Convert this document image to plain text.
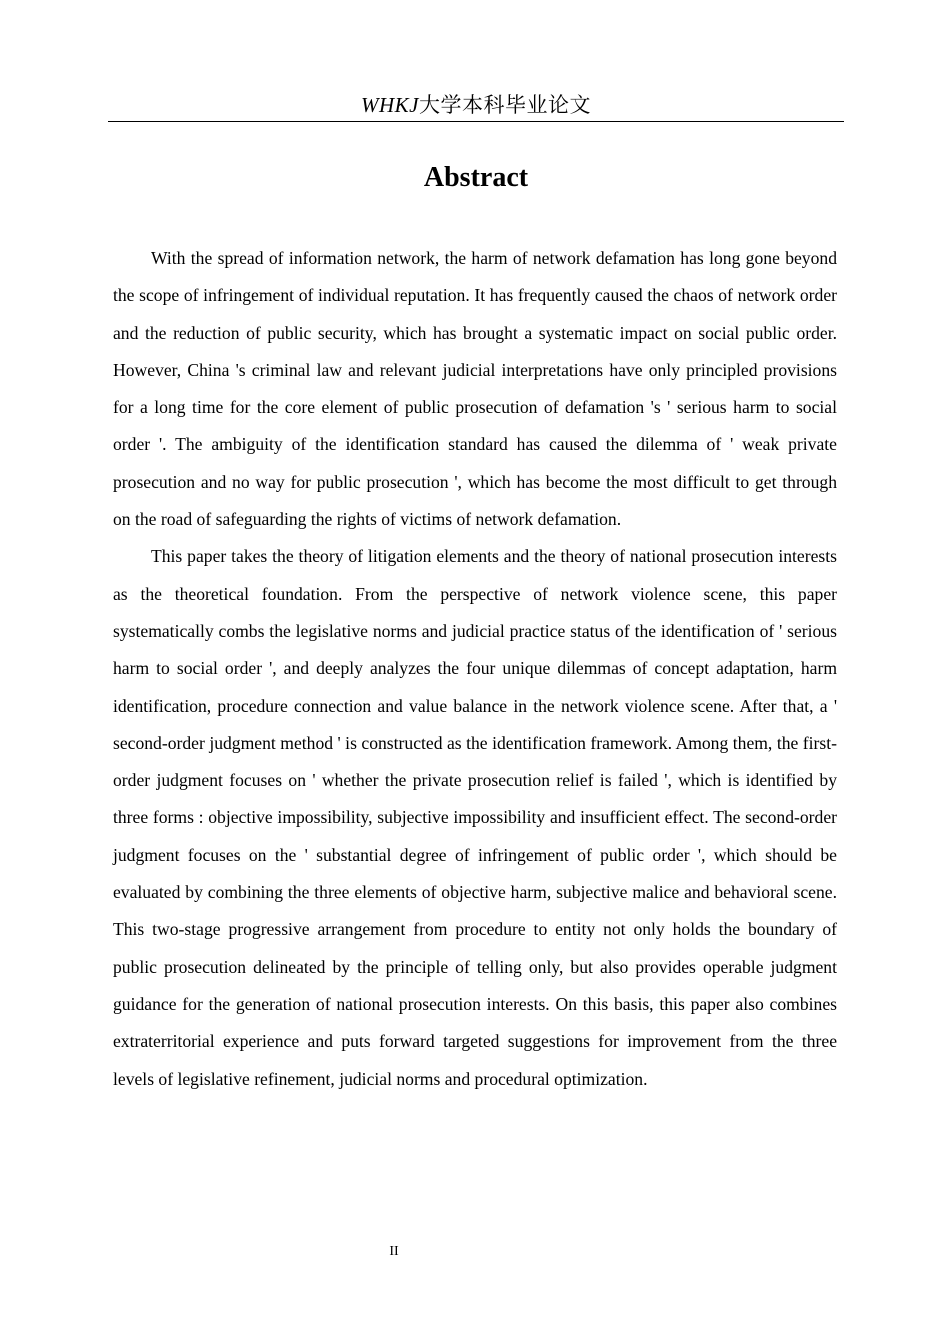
WHKJ大学本科毕业论文
Abstract

With the spread of information network, the harm of network defamation has long gone beyond the scope of infringement of individual reputation. It has frequently caused the chaos of network order and the reduction of public security, which has brought a systematic impact on social public order. However, China 's criminal law and relevant judicial interpretations have only principled provisions for a long time for the core element of public prosecution of defamation 's ' serious harm to social order '. The ambiguity of the identification standard has caused the dilemma of ' weak private prosecution and no way for public prosecution ', which has become the most difficult to get through on the road of safeguarding the rights of victims of network defamation.

This paper takes the theory of litigation elements and the theory of national prosecution interests as the theoretical foundation. From the perspective of network violence scene, this paper systematically combs the legislative norms and judicial practice status of the identification of ' serious harm to social order ', and deeply analyzes the four unique dilemmas of concept adaptation, harm identification, procedure connection and value balance in the network violence scene. After that, a ' second-order judgment method ' is constructed as the identification framework. Among them, the first-order judgment focuses on ' whether the private prosecution relief is failed ', which is identified by three forms : objective impossibility, subjective impossibility and insufficient effect. The second-order judgment focuses on the ' substantial degree of infringement of public order ', which should be evaluated by combining the three elements of objective harm, subjective malice and behavioral scene. This two-stage progressive arrangement from procedure to entity not only holds the boundary of public prosecution delineated by the principle of telling only, but also provides operable judgment guidance for the generation of national prosecution interests. On this basis, this paper also combines extraterritorial experience and puts forward targeted suggestions for improvement from the three levels of legislative refinement, judicial norms and procedural optimization.

II
